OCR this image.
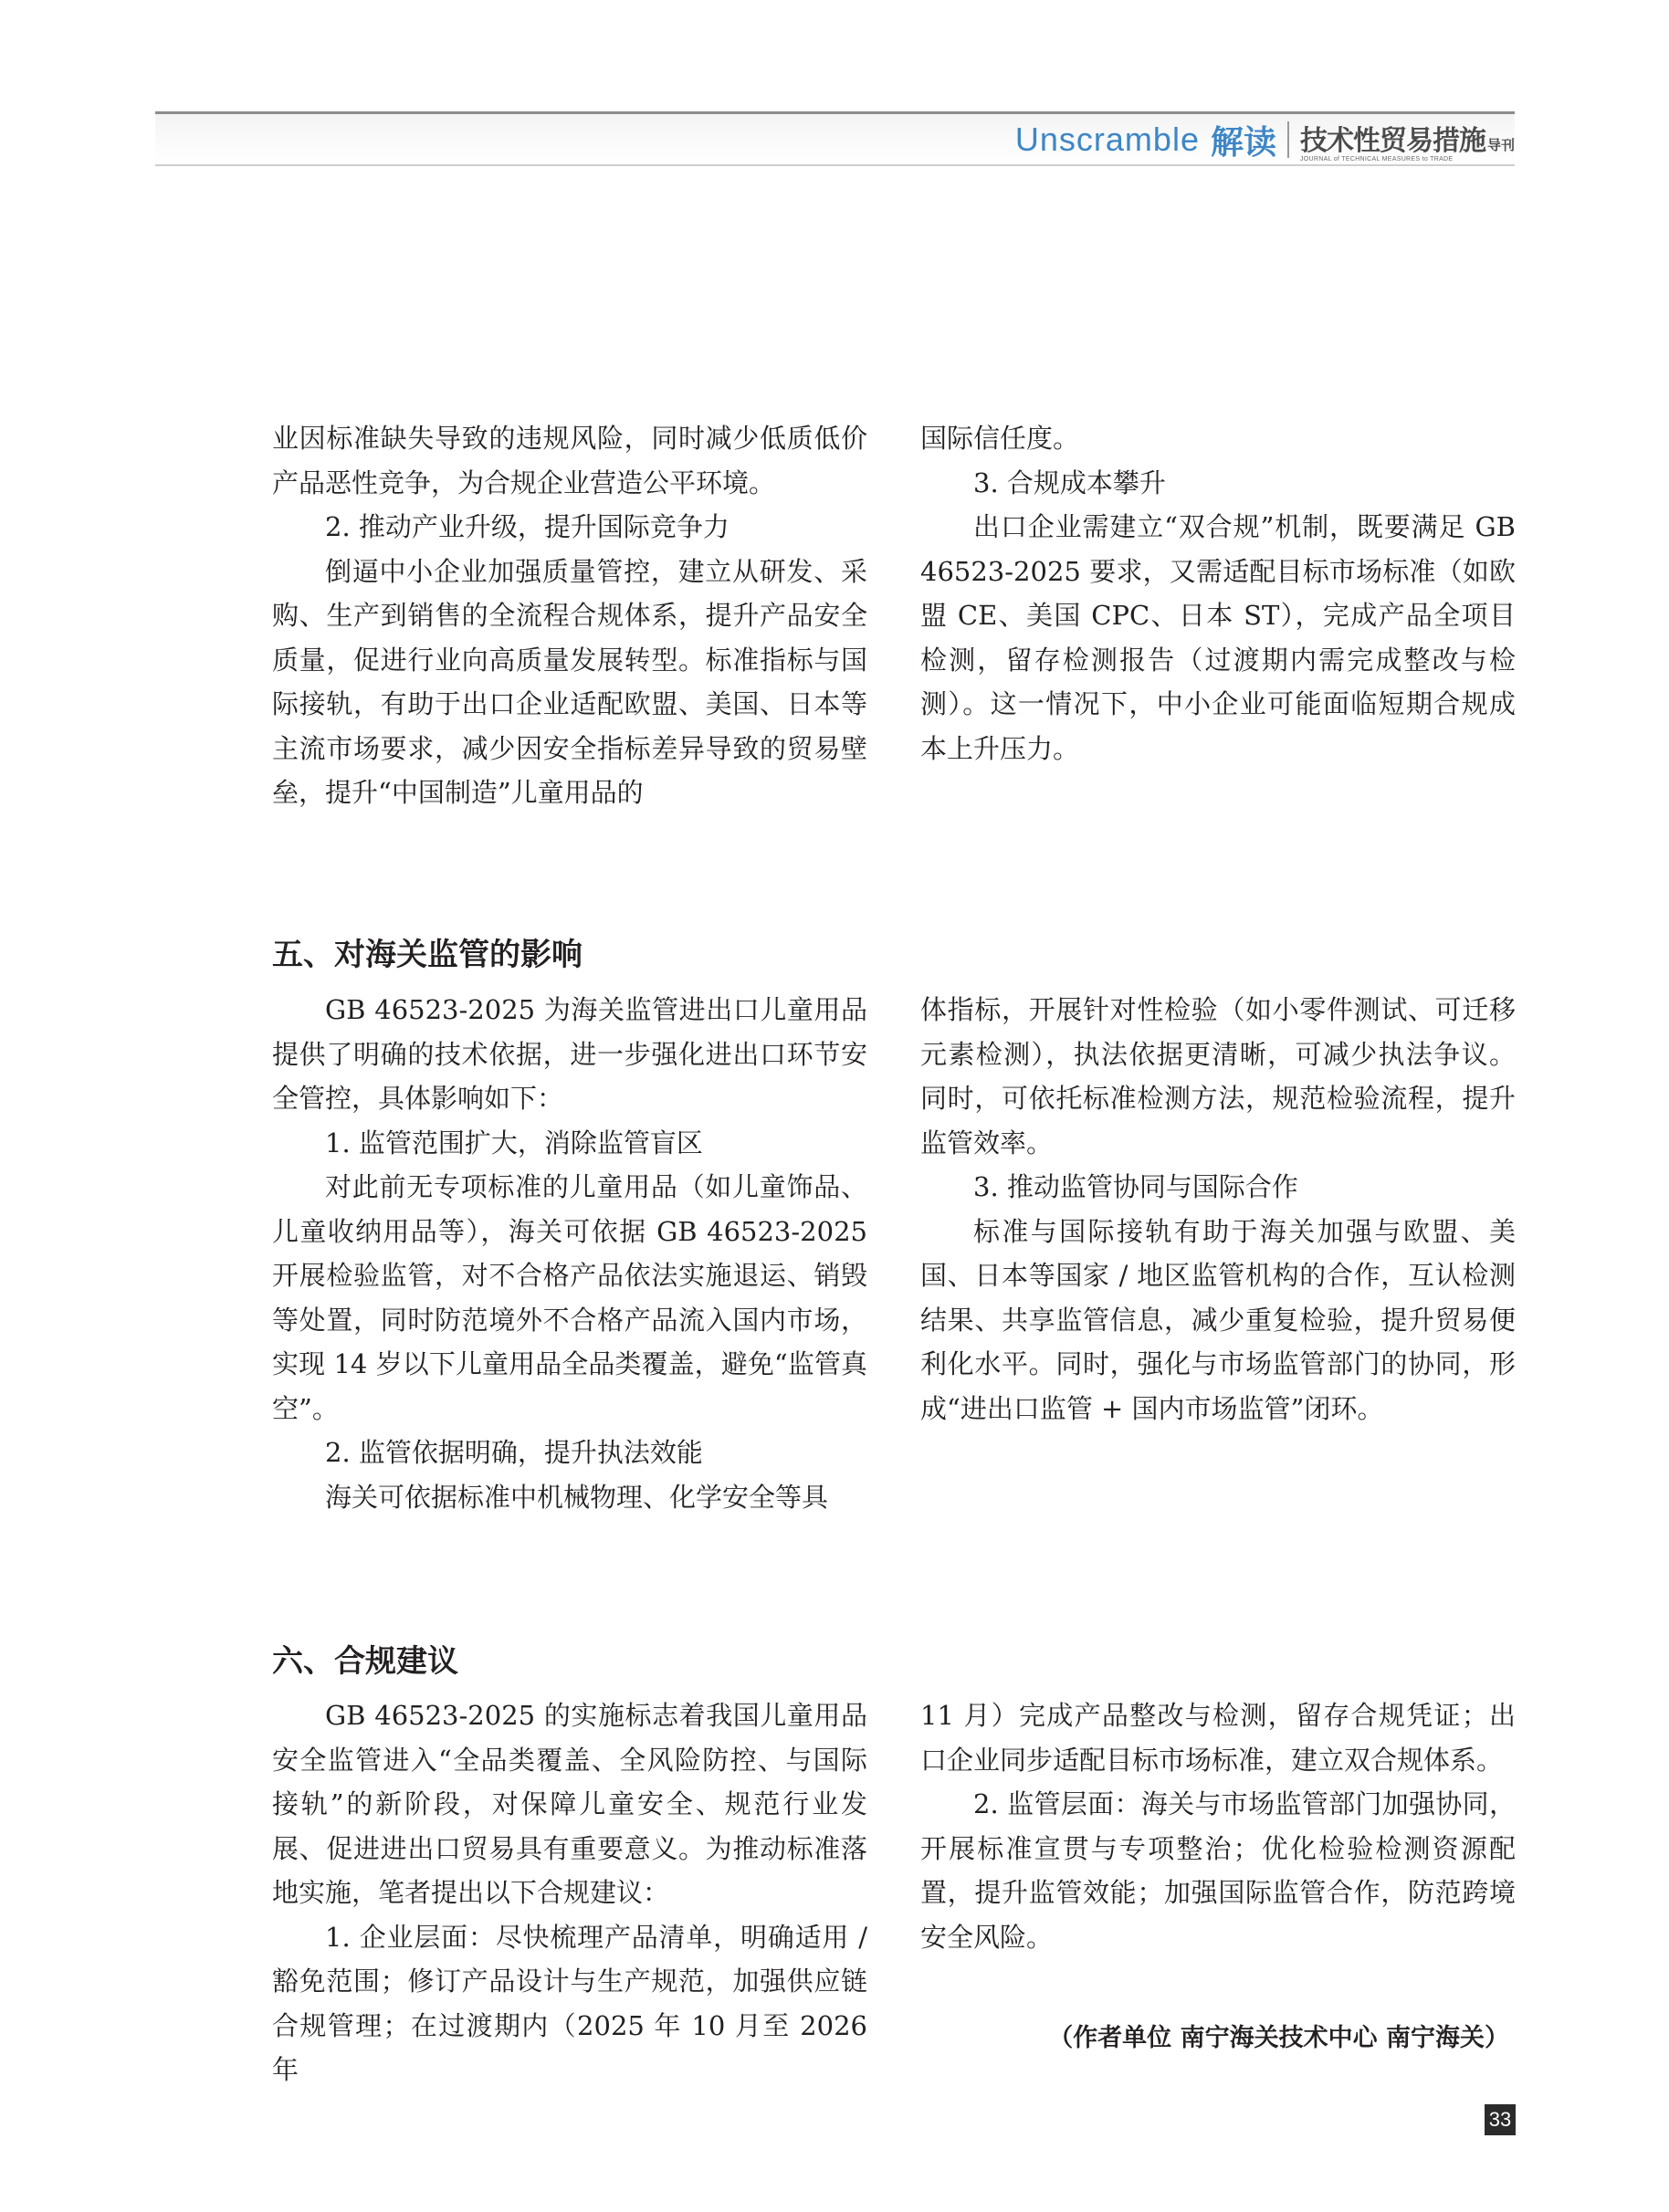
Unscramble 解读 技术性贸易措施 导刊
JOURNAL of TECHNICAL MEASURES to TRADE

业因标准缺失导致的违规风险，同时减少低质低价产品恶性竞争，为合规企业营造公平环境。

2. 推动产业升级，提升国际竞争力

倒逼中小企业加强质量管控，建立从研发、采购、生产到销售的全流程合规体系，提升产品安全质量，促进行业向高质量发展转型。标准指标与国际接轨，有助于出口企业适配欧盟、美国、日本等主流市场要求，减少因安全指标差异导致的贸易壁垒，提升“中国制造”儿童用品的

国际信任度。

3. 合规成本攀升

出口企业需建立“双合规”机制，既要满足 GB 46523-2025 要求，又需适配目标市场标准（如欧盟 CE、美国 CPC、日本 ST），完成产品全项目检测，留存检测报告（过渡期内需完成整改与检测）。这一情况下，中小企业可能面临短期合规成本上升压力。

五、对海关监管的影响

GB 46523-2025 为海关监管进出口儿童用品提供了明确的技术依据，进一步强化进出口环节安全管控，具体影响如下：

1. 监管范围扩大，消除监管盲区

对此前无专项标准的儿童用品（如儿童饰品、儿童收纳用品等），海关可依据 GB 46523-2025 开展检验监管，对不合格产品依法实施退运、销毁等处置，同时防范境外不合格产品流入国内市场，实现 14 岁以下儿童用品全品类覆盖，避免“监管真空”。

2. 监管依据明确，提升执法效能

海关可依据标准中机械物理、化学安全等具

体指标，开展针对性检验（如小零件测试、可迁移元素检测），执法依据更清晰，可减少执法争议。同时，可依托标准检测方法，规范检验流程，提升监管效率。

3. 推动监管协同与国际合作

标准与国际接轨有助于海关加强与欧盟、美国、日本等国家 / 地区监管机构的合作，互认检测结果、共享监管信息，减少重复检验，提升贸易便利化水平。同时，强化与市场监管部门的协同，形成“进出口监管 + 国内市场监管”闭环。

六、合规建议

GB 46523-2025 的实施标志着我国儿童用品安全监管进入“全品类覆盖、全风险防控、与国际接轨”的新阶段，对保障儿童安全、规范行业发展、促进进出口贸易具有重要意义。为推动标准落地实施，笔者提出以下合规建议：

1. 企业层面：尽快梳理产品清单，明确适用 / 豁免范围；修订产品设计与生产规范，加强供应链合规管理；在过渡期内（2025 年 10 月至 2026 年

11 月）完成产品整改与检测，留存合规凭证；出口企业同步适配目标市场标准，建立双合规体系。

2. 监管层面：海关与市场监管部门加强协同，开展标准宣贯与专项整治；优化检验检测资源配置，提升监管效能；加强国际监管合作，防范跨境安全风险。

（作者单位 南宁海关技术中心 南宁海关）
33
